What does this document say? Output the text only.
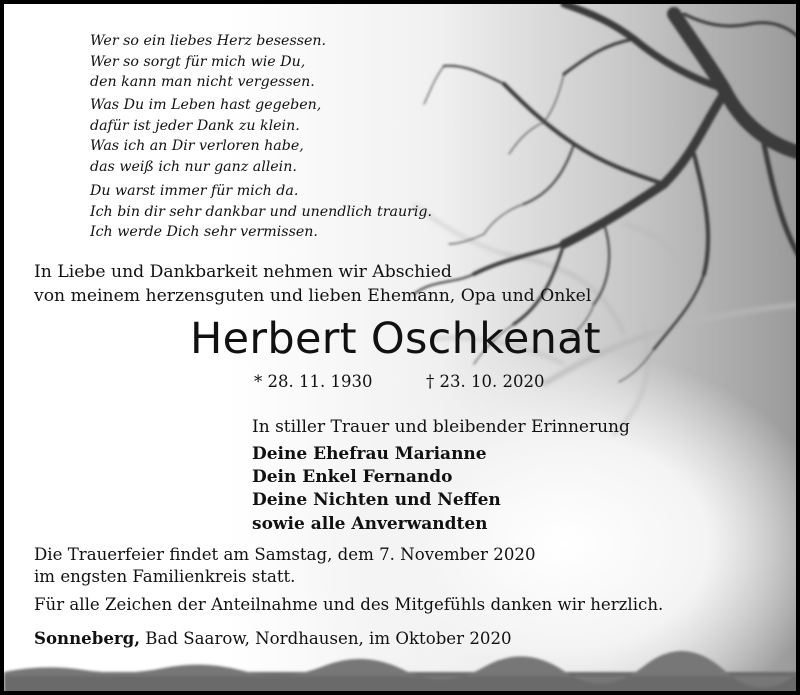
Wer so ein liebes Herz besessen.
Wer so sorgt für mich wie Du,
den kann man nicht vergessen.
Was Du im Leben hast gegeben,
dafür ist jeder Dank zu klein.
Was ich an Dir verloren habe,
das weiß ich nur ganz allein.
Du warst immer für mich da.
Ich bin dir sehr dankbar und unendlich traurig.
Ich werde Dich sehr vermissen.
In Liebe und Dankbarkeit nehmen wir Abschied
von meinem herzensguten und lieben Ehemann, Opa und Onkel
Herbert Oschkenat
* 28. 11. 1930	† 23. 10. 2020
In stiller Trauer und bleibender Erinnerung
Deine Ehefrau Marianne
Dein Enkel Fernando
Deine Nichten und Neffen
sowie alle Anverwandten
Die Trauerfeier findet am Samstag, dem 7. November 2020
im engsten Familienkreis statt.
Für alle Zeichen der Anteilnahme und des Mitgefühls danken wir herzlich.
Sonneberg, Bad Saarow, Nordhausen, im Oktober 2020
